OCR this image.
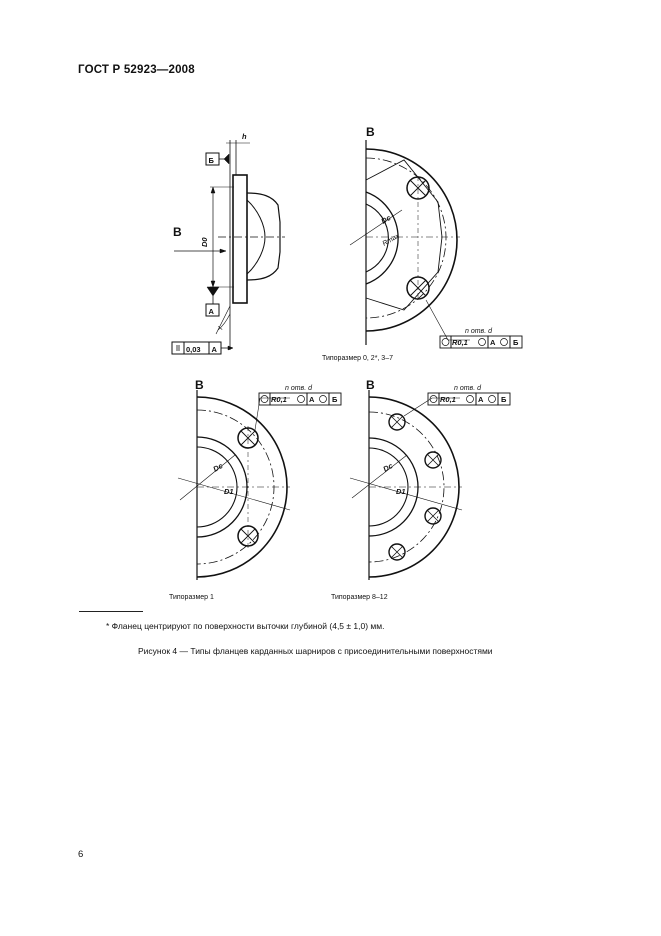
ГОСТ Р 52923—2008
В
h
Б
А
D0
l
0,03 А
В
Dc
Rmax
n отв. d
R0,1	А Б
Типоразмер 0, 2*, 3–7
В
Dc
D1
n отв. d
R0,1	А Б
Типоразмер 1
В
Dc
D1
n отв. d
R0,1	А Б
Типоразмер 8–12
* Фланец центрируют по поверхности выточки глубиной (4,5 ± 1,0) мм.
Рисунок 4 — Типы фланцев карданных шарниров с присоединительными поверхностями
6
